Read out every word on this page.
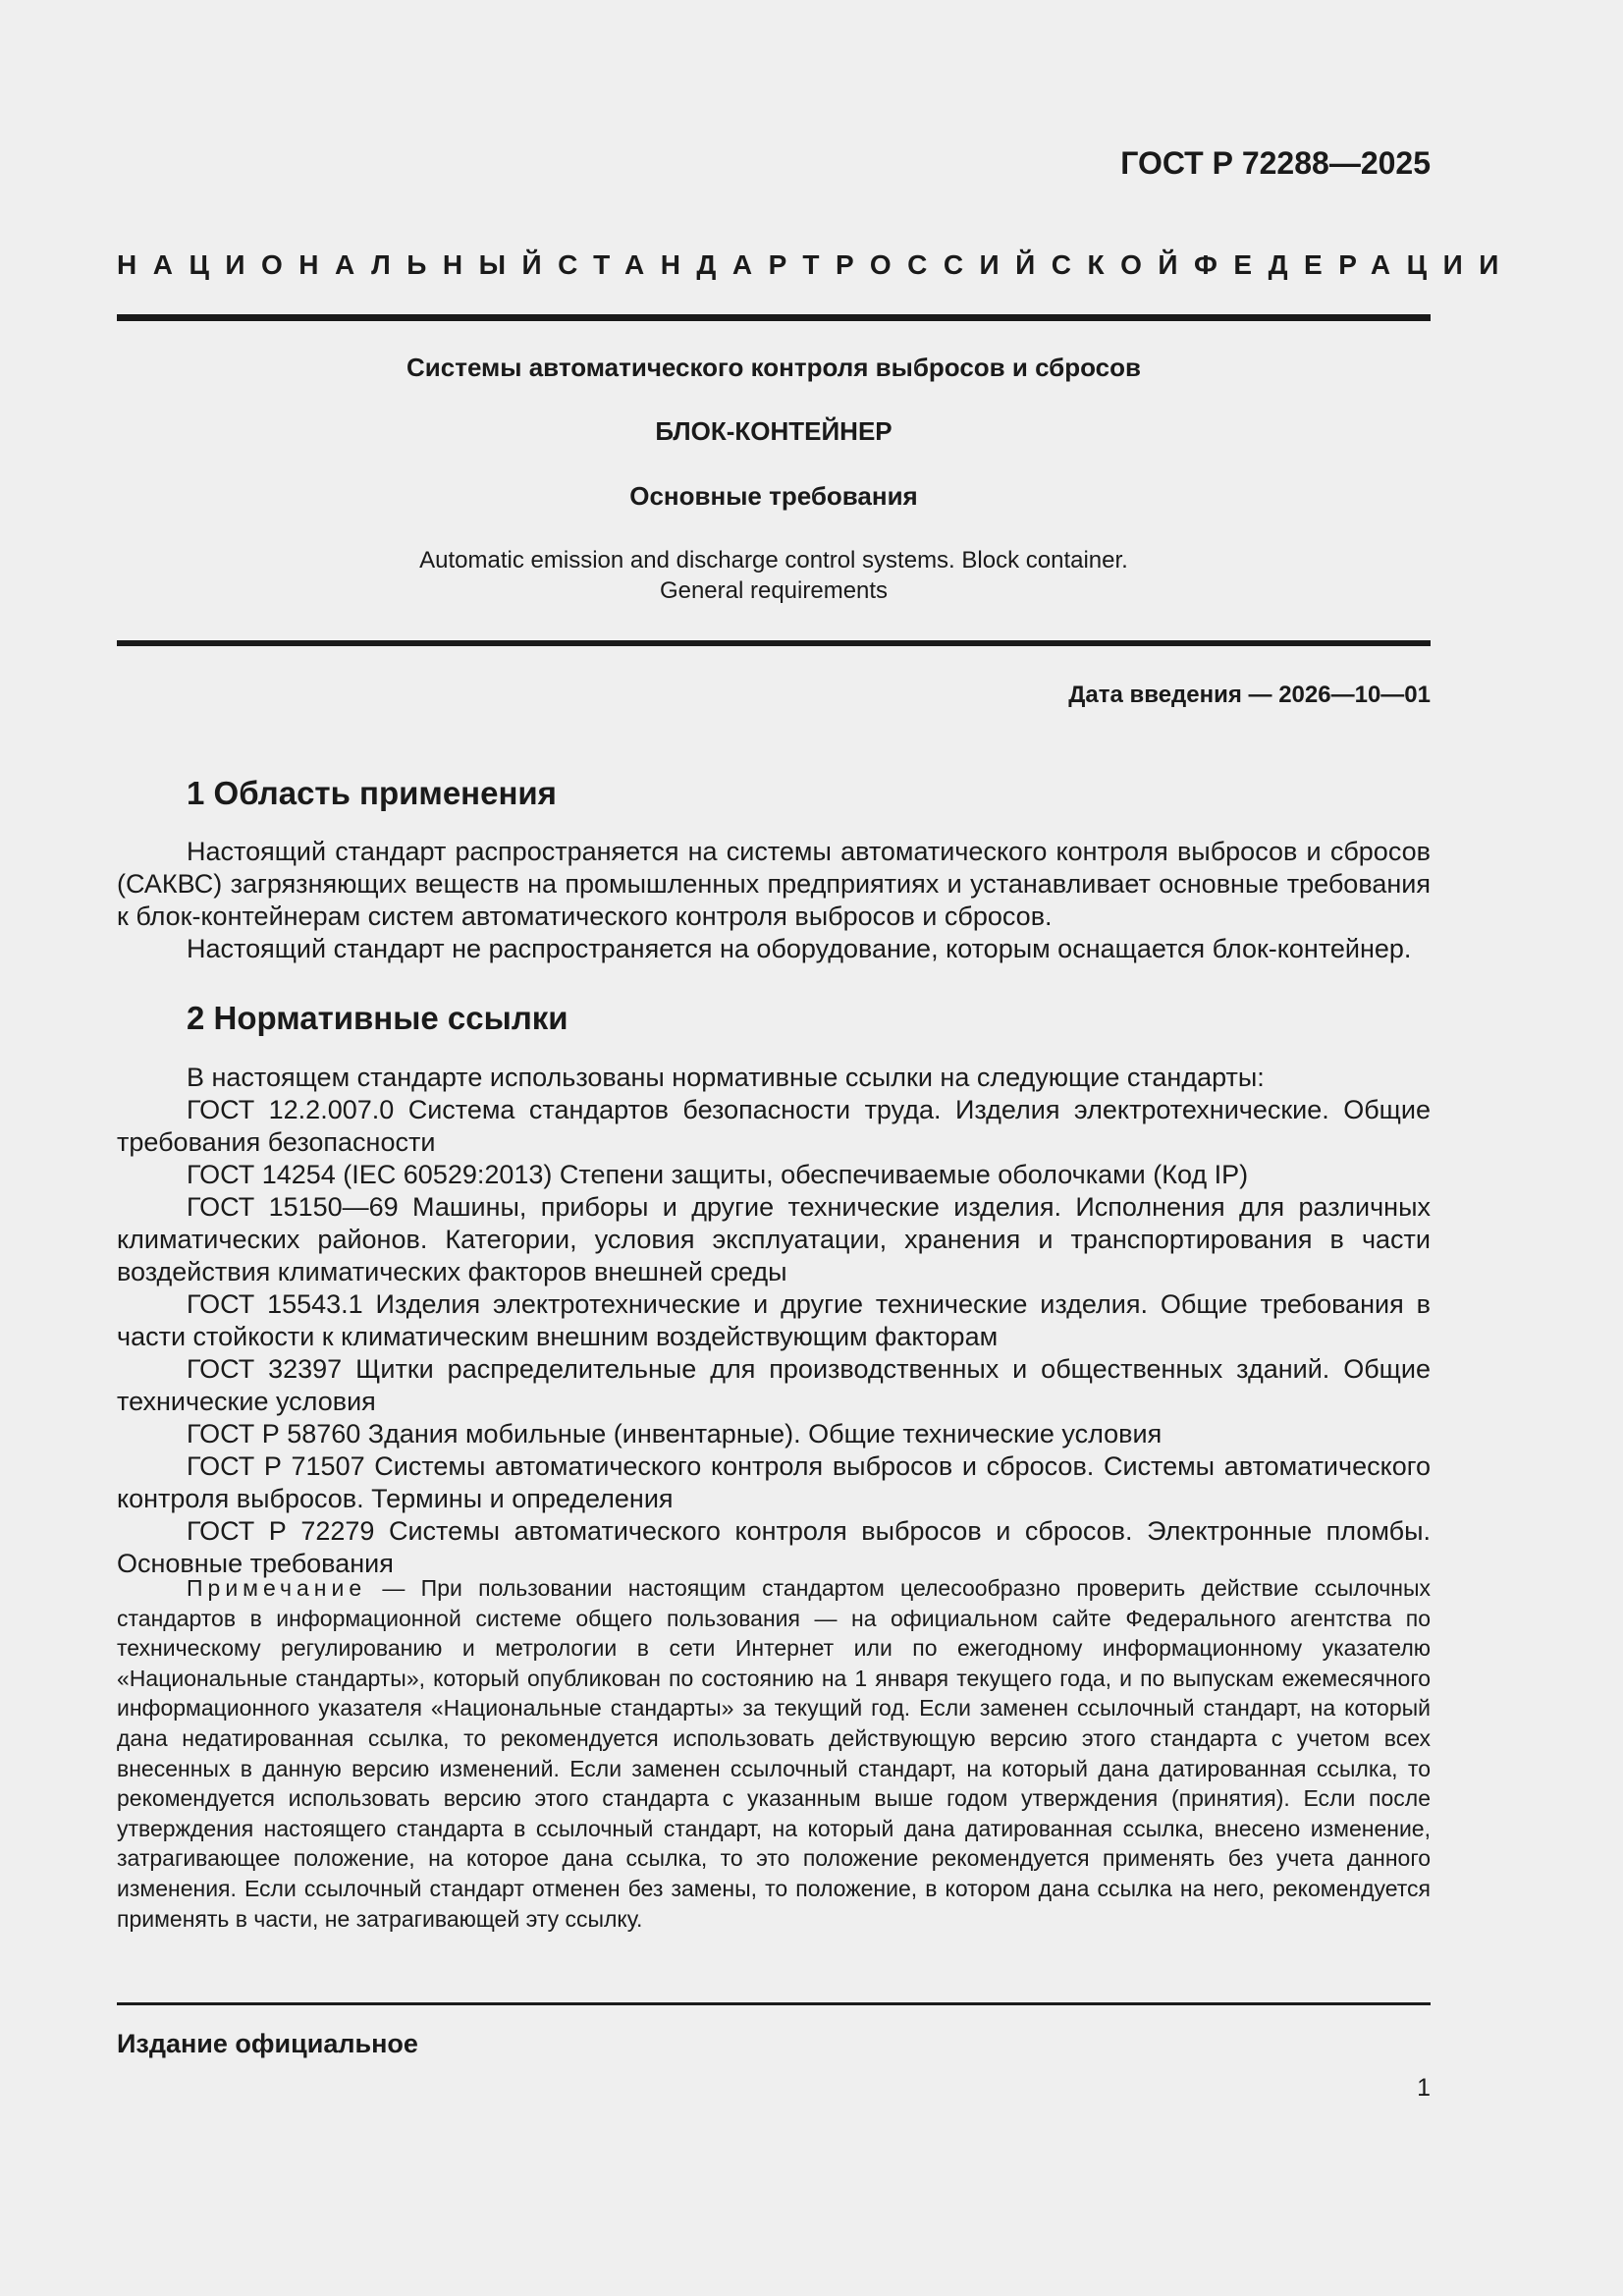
ГОСТ Р 72288—2025
НАЦИОНАЛЬНЫЙ СТАНДАРТ РОССИЙСКОЙ ФЕДЕРАЦИИ
Системы автоматического контроля выбросов и сбросов
БЛОК-КОНТЕЙНЕР
Основные требования
Automatic emission and discharge control systems. Block container.
General requirements
Дата введения — 2026—10—01
1 Область применения

Настоящий стандарт распространяется на системы автоматического контроля выбросов и сбросов (САКВС) загрязняющих веществ на промышленных предприятиях и устанавливает основные требования к блок-контейнерам систем автоматического контроля выбросов и сбросов.

Настоящий стандарт не распространяется на оборудование, которым оснащается блок-контейнер.

2 Нормативные ссылки

В настоящем стандарте использованы нормативные ссылки на следующие стандарты:

ГОСТ 12.2.007.0 Система стандартов безопасности труда. Изделия электротехнические. Общие требования безопасности

ГОСТ 14254 (IEC 60529:2013) Степени защиты, обеспечиваемые оболочками (Код IP)

ГОСТ 15150—69 Машины, приборы и другие технические изделия. Исполнения для различных климатических районов. Категории, условия эксплуатации, хранения и транспортирования в части воздействия климатических факторов внешней среды

ГОСТ 15543.1 Изделия электротехнические и другие технические изделия. Общие требования в части стойкости к климатическим внешним воздействующим факторам

ГОСТ 32397 Щитки распределительные для производственных и общественных зданий. Общие технические условия

ГОСТ Р 58760 Здания мобильные (инвентарные). Общие технические условия

ГОСТ Р 71507 Системы автоматического контроля выбросов и сбросов. Системы автоматического контроля выбросов. Термины и определения

ГОСТ Р 72279 Системы автоматического контроля выбросов и сбросов. Электронные пломбы. Основные требования

Примечание — При пользовании настоящим стандартом целесообразно проверить действие ссылочных стандартов в информационной системе общего пользования — на официальном сайте Федерального агентства по техническому регулированию и метрологии в сети Интернет или по ежегодному информационному указателю «Национальные стандарты», который опубликован по состоянию на 1 января текущего года, и по выпускам ежемесячного информационного указателя «Национальные стандарты» за текущий год. Если заменен ссылочный стандарт, на который дана недатированная ссылка, то рекомендуется использовать действующую версию этого стандарта с учетом всех внесенных в данную версию изменений. Если заменен ссылочный стандарт, на который дана датированная ссылка, то рекомендуется использовать версию этого стандарта с указанным выше годом утверждения (принятия). Если после утверждения настоящего стандарта в ссылочный стандарт, на который дана датированная ссылка, внесено изменение, затрагивающее положение, на которое дана ссылка, то это положение рекомендуется применять без учета данного изменения. Если ссылочный стандарт отменен без замены, то положение, в котором дана ссылка на него, рекомендуется применять в части, не затрагивающей эту ссылку.
Издание официальное
1
